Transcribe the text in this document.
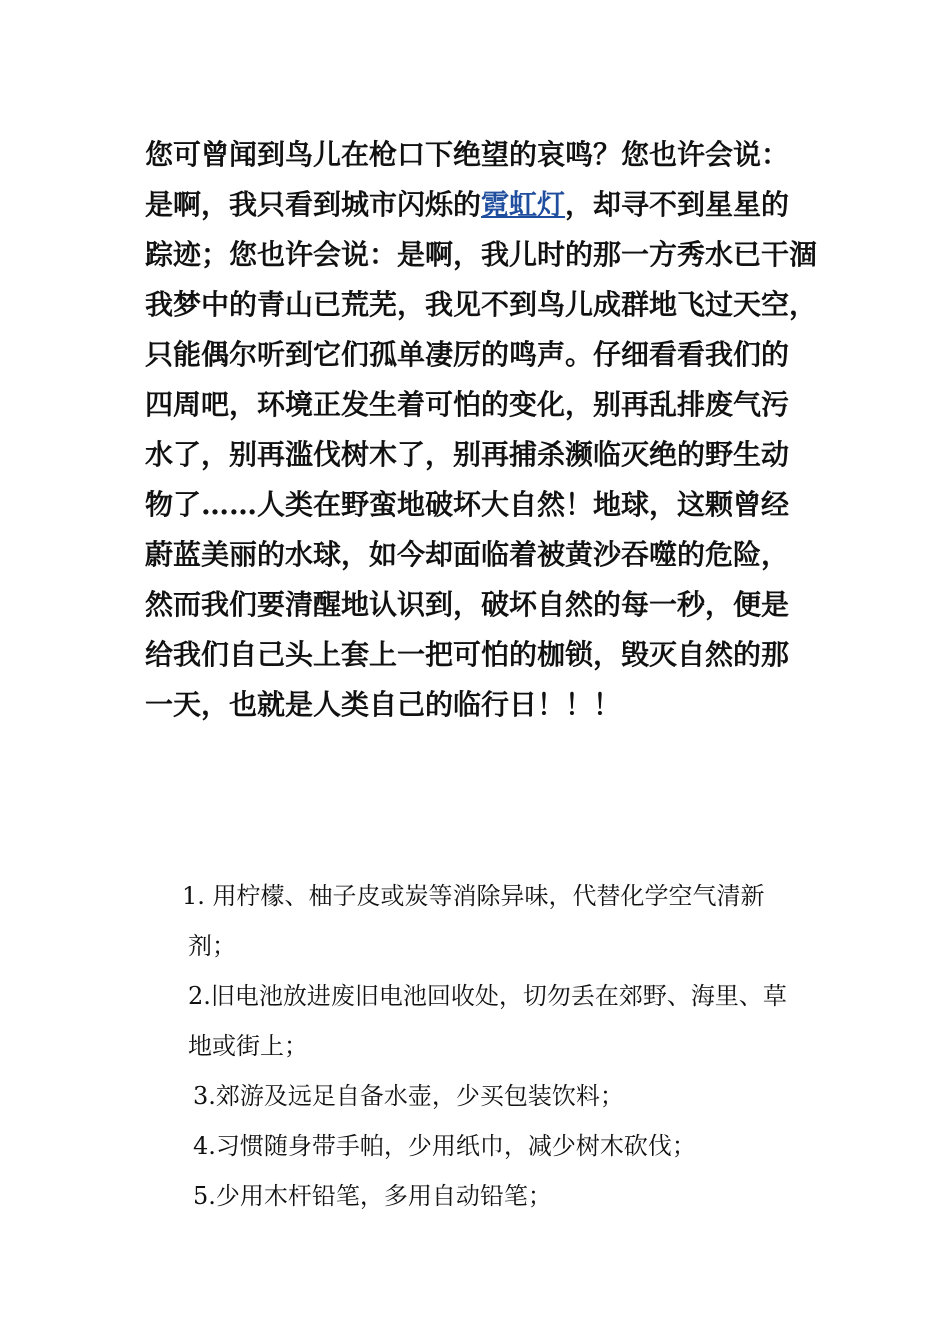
您可曾闻到鸟儿在枪口下绝望的哀鸣？您也许会说：
是啊，我只看到城市闪烁的霓虹灯，却寻不到星星的
踪迹；您也许会说：是啊，我儿时的那一方秀水已干涸
我梦中的青山已荒芜，我见不到鸟儿成群地飞过天空，
只能偶尔听到它们孤单凄厉的鸣声。仔细看看我们的
四周吧，环境正发生着可怕的变化，别再乱排废气污
水了，别再滥伐树木了，别再捕杀濒临灭绝的野生动
物了……人类在野蛮地破坏大自然！地球，这颗曾经
蔚蓝美丽的水球，如今却面临着被黄沙吞噬的危险，
然而我们要清醒地认识到，破坏自然的每一秒，便是
给我们自己头上套上一把可怕的枷锁，毁灭自然的那
一天，也就是人类自己的临行日！！！
1. 用柠檬、柚子皮或炭等消除异味，代替化学空气清新
剂；
2.旧电池放进废旧电池回收处，切勿丢在郊野、海里、草
地或街上；
3.郊游及远足自备水壶，少买包装饮料；
4.习惯随身带手帕，少用纸巾，减少树木砍伐；
5.少用木杆铅笔，多用自动铅笔；
